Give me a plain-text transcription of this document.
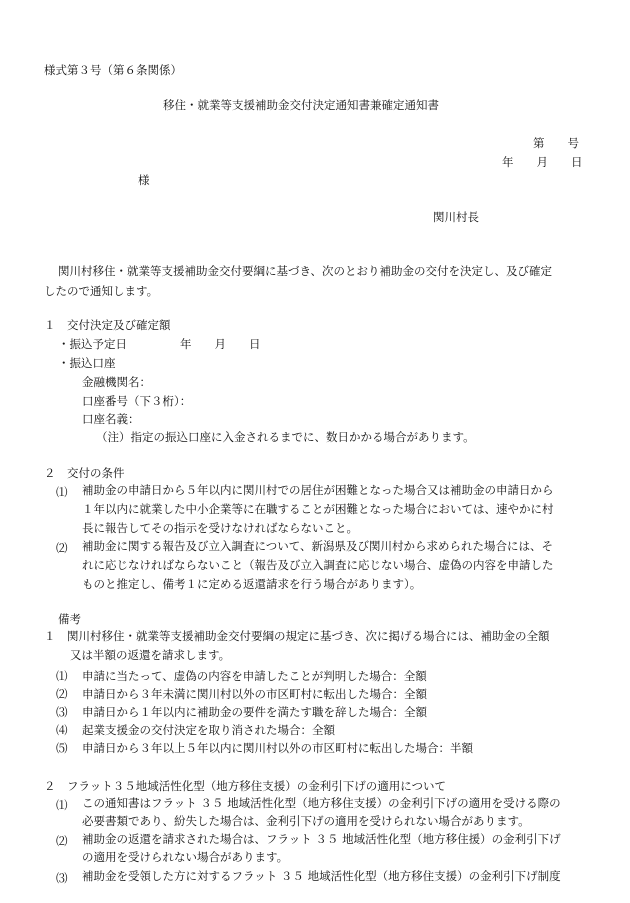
様式第３号（第６条関係）
移住・就業等支援補助金交付決定通知書兼確定通知書
第　　号
年　　月　　日
様
関川村長
関川村移住・就業等支援補助金交付要綱に基づき、次のとおり補助金の交付を決定し、及び確定
したので通知します。
１　交付決定及び確定額
・振込予定日	年　　月　　日
・振込口座
金融機関名：
口座番号（下３桁）：
口座名義：
（注）指定の振込口座に入金されるまでに、数日かかる場合があります。
２　交付の条件
⑴ 補助金の申請日から５年以内に関川村での居住が困難となった場合又は補助金の申請日から
１年以内に就業した中小企業等に在職することが困難となった場合においては、速やかに村
長に報告してその指示を受けなければならないこと。
⑵ 補助金に関する報告及び立入調査について、新潟県及び関川村から求められた場合には、そ
れに応じなければならないこと（報告及び立入調査に応じない場合、虚偽の内容を申請した
ものと推定し、備考１に定める返還請求を行う場合があります）。
備考
１　関川村移住・就業等支援補助金交付要綱の規定に基づき、次に掲げる場合には、補助金の全額
又は半額の返還を請求します。
⑴ 申請に当たって、虚偽の内容を申請したことが判明した場合：全額
⑵ 申請日から３年未満に関川村以外の市区町村に転出した場合：全額
⑶ 申請日から１年以内に補助金の要件を満たす職を辞した場合：全額
⑷ 起業支援金の交付決定を取り消された場合：全額
⑸ 申請日から３年以上５年以内に関川村以外の市区町村に転出した場合：半額
２　フラット３５地域活性化型（地方移住支援）の金利引下げの適用について
⑴ この通知書はフラット ３５ 地域活性化型（地方移住支援）の金利引下げの適用を受ける際の
必要書類であり、紛失した場合は、金利引下げの適用を受けられない場合があります。
⑵ 補助金の返還を請求された場合は、フラット ３５ 地域活性化型（地方移住援）の金利引下げ
の適用を受けられない場合があります。
⑶ 補助金を受領した方に対するフラット ３５ 地域活性化型（地方移住支援）の金利引下げ制度
